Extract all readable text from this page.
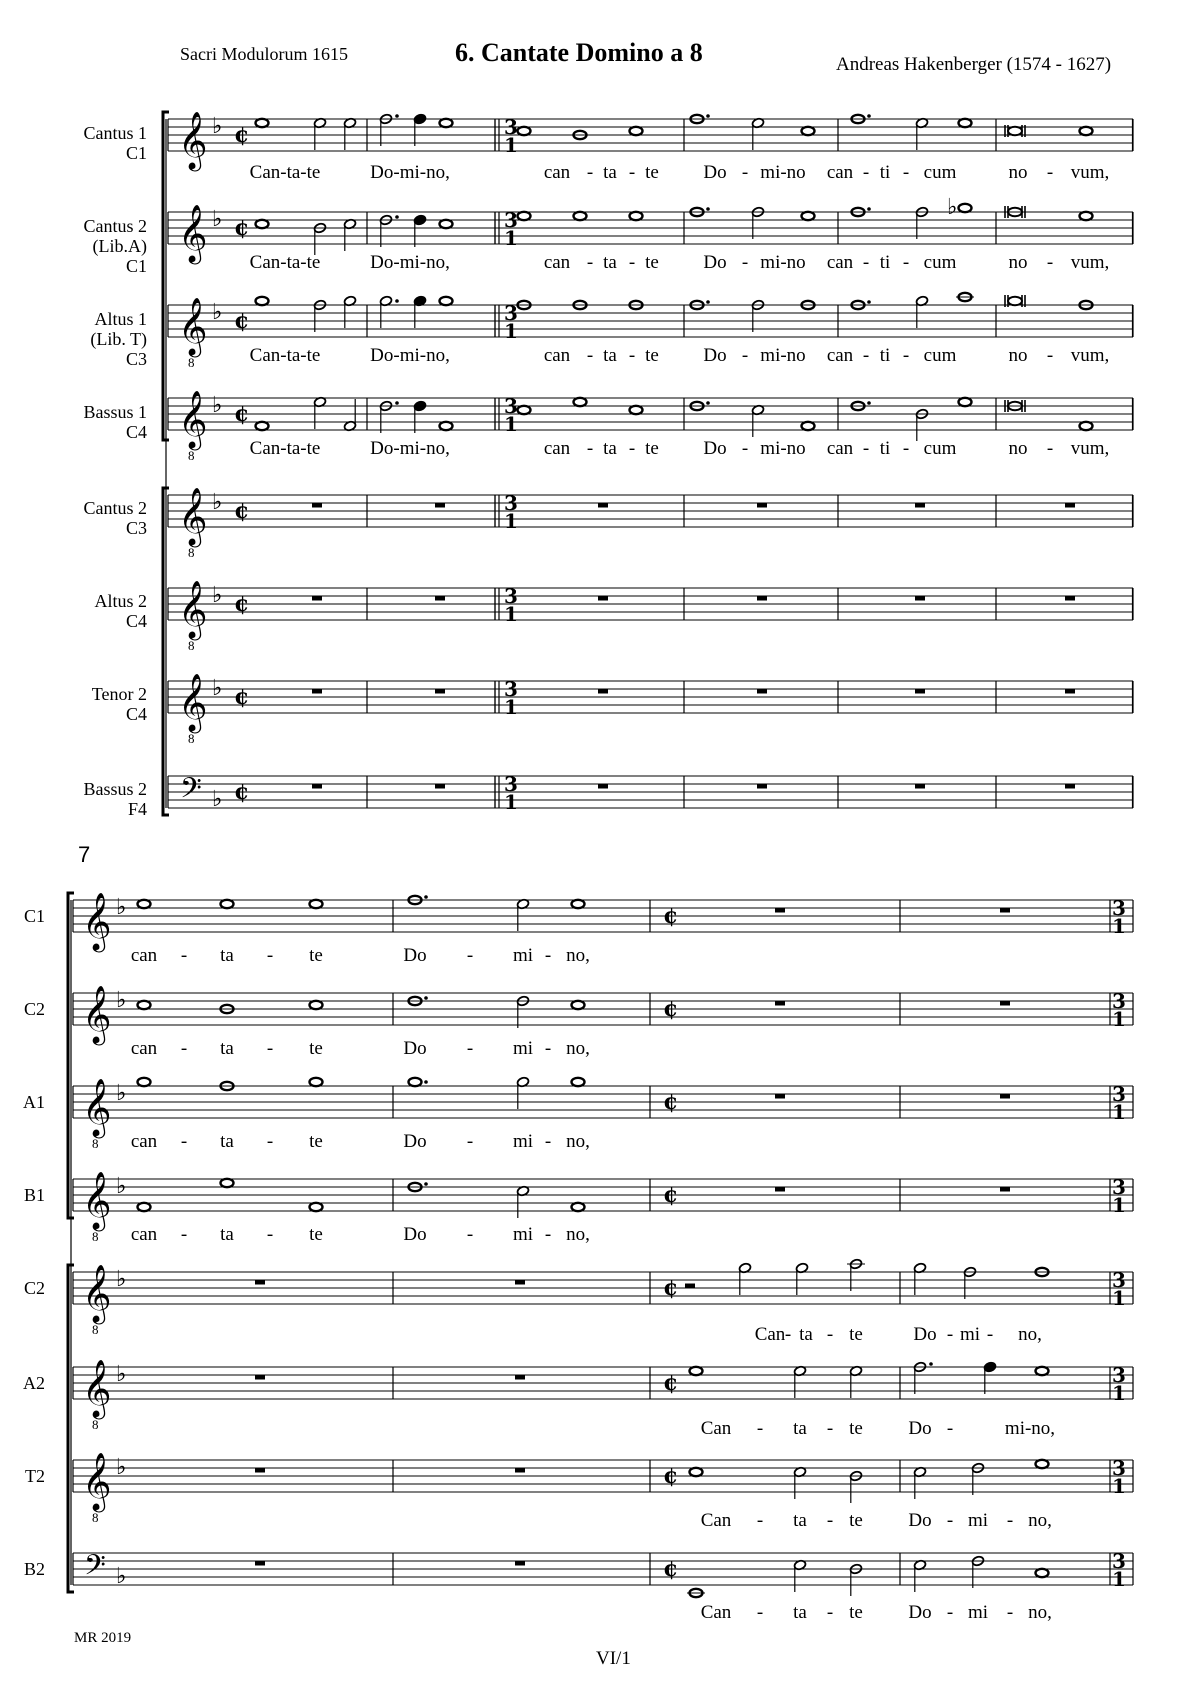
Sacri Modulorum 1615	6. Cantate Domino a 8	Andreas Hakenberger (1574 - 1627)
MR 2019
VI/1
𝄞 ♭ ¢	3
1
Cantus 1
C1
𝄞 ♭ ¢	3
1
Cantus 2
(Lib.A)
C1
𝄞
8
♭ ¢	3
1
Altus 1
(Lib. T)
C3
𝄞
8
♭ ¢	3
1
Bassus 1
C4
𝄞
8
♭ ¢	3
1
Cantus 2
C3
𝄞
8
♭ ¢	3
1
Altus 2
C4
𝄞
8
♭ ¢	3
1
Tenor 2
C4
𝄢 ♭ ¢	3
1
Bassus 2
F4
♭
Can-ta-te	Do-mi-no,	can - ta - te Do - mi-no can - ti - cum	no - vum,
Can-ta-te	Do-mi-no,	can - ta - te Do - mi-no can - ti - cum	no - vum,
Can-ta-te	Do-mi-no,	can - ta - te Do - mi-no can - ti - cum	no - vum,
Can-ta-te	Do-mi-no,	can - ta - te Do - mi-no can - ti - cum	no - vum,
7
𝄞 ♭	¢	3
1
C1
𝄞 ♭	¢	3
1
C2
𝄞
8
♭	¢	3
1
A1
𝄞
8
♭	¢	3
1
B1
𝄞
8
♭	¢	3
1
C2
𝄞
8
♭	¢	3
1
A2
𝄞
8
♭	¢	3
1
T2
𝄢 ♭	¢	3
1
B2
can - ta - te	Do - mi - no,
can - ta - te	Do - mi - no,
can - ta - te	Do - mi - no,
can - ta - te	Do - mi - no,
Can - ta - te	Do - mi - no,
Can - ta - te Do -	mi-no,
Can - ta - te Do - mi - no,
Can - ta - te Do - mi - no,
